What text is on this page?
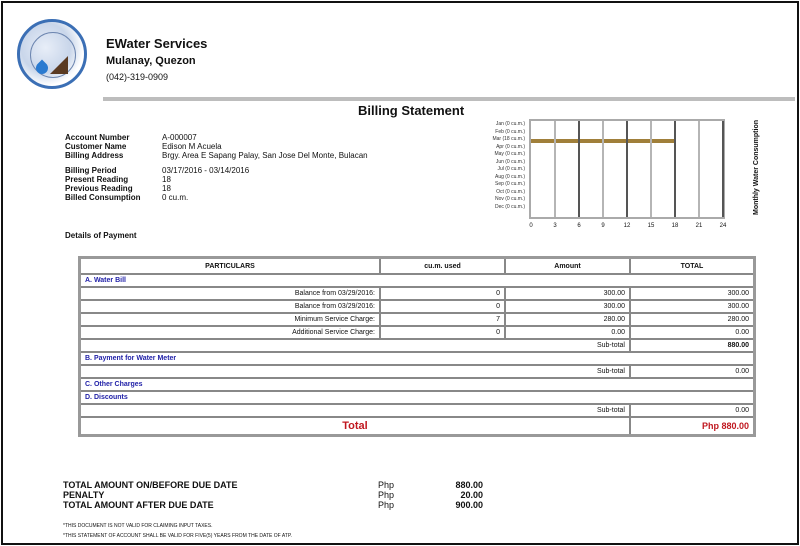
EWater Services
Mulanay, Quezon
(042)-319-0909
Billing Statement
Account Number	A-000007
Customer Name	Edison M Acuela
Billing Address	Brgy. Area E Sapang Palay, San Jose Del Monte, Bulacan
Billing Period	03/17/2016 - 03/14/2016
Present Reading	18
Previous Reading	18
Billed Consumption	0 cu.m.
Details of Payment
Jan (0 cu.m.)
Feb (0 cu.m.)
Mar (18 cu.m.)
Apr (0 cu.m.)
May (0 cu.m.)
Jun (0 cu.m.)
Jul (0 cu.m.)
Aug (0 cu.m.)
Sep (0 cu.m.)
Oct (0 cu.m.)
Nov (0 cu.m.)
Dec (0 cu.m.)
0	3	6	9	12	15	18	21	24
Monthly Water Consumption
PARTICULARS	cu.m. used	Amount	TOTAL
A. Water Bill			
Balance from 03/29/2016:	0	300.00	300.00
Balance from 03/29/2016:	0	300.00	300.00
Minimum Service Charge:	7	280.00	280.00
Additional Service Charge:	0	0.00	0.00
Sub-total			880.00
B. Payment for Water Meter			
Sub-total			0.00
C. Other Charges			
D. Discounts			
Sub-total			0.00
Total			Php 880.00
TOTAL AMOUNT ON/BEFORE DUE DATE	Php	880.00
PENALTY	Php	20.00
TOTAL AMOUNT AFTER DUE DATE	Php	900.00
*THIS DOCUMENT IS NOT VALID FOR CLAIMING INPUT TAXES.
*THIS STATEMENT OF ACCOUNT SHALL BE VALID FOR FIVE(5) YEARS FROM THE DATE OF ATP.
